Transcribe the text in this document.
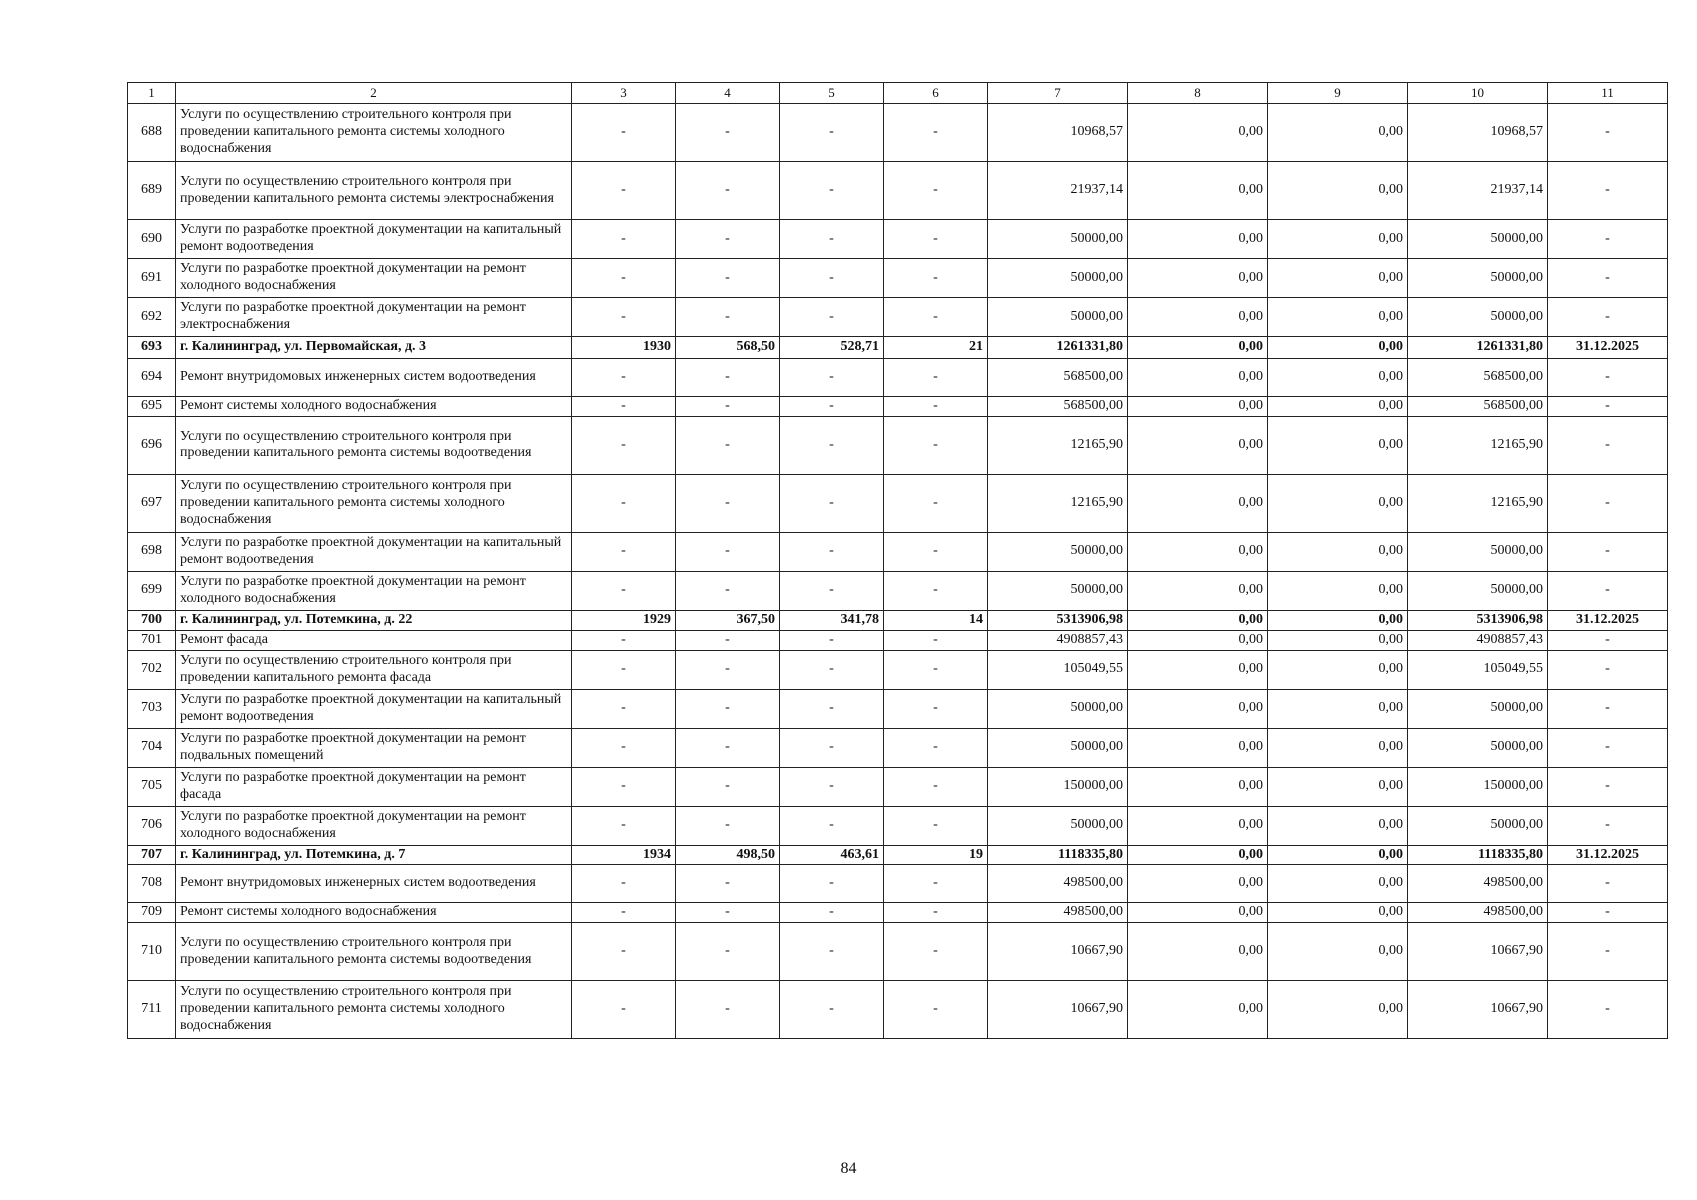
1	2	3	4	5	6	7	8	9	10	11
688	Услуги по осуществлению строительного контроля при проведении капитального ремонта системы холодного водоснабжения	-	-	-	-	10968,57	0,00	0,00	10968,57	-
689	Услуги по осуществлению строительного контроля при проведении капитального ремонта системы электроснабжения	-	-	-	-	21937,14	0,00	0,00	21937,14	-
690	Услуги по разработке проектной документации на капитальный ремонт водоотведения	-	-	-	-	50000,00	0,00	0,00	50000,00	-
691	Услуги по разработке проектной документации на ремонт холодного водоснабжения	-	-	-	-	50000,00	0,00	0,00	50000,00	-
692	Услуги по разработке проектной документации на ремонт электроснабжения	-	-	-	-	50000,00	0,00	0,00	50000,00	-
693	г. Калининград, ул. Первомайская, д. 3	1930	568,50	528,71	21	1261331,80	0,00	0,00	1261331,80	31.12.2025
694	Ремонт внутридомовых инженерных систем водоотведения	-	-	-	-	568500,00	0,00	0,00	568500,00	-
695	Ремонт системы холодного водоснабжения	-	-	-	-	568500,00	0,00	0,00	568500,00	-
696	Услуги по осуществлению строительного контроля при проведении капитального ремонта системы водоотведения	-	-	-	-	12165,90	0,00	0,00	12165,90	-
697	Услуги по осуществлению строительного контроля при проведении капитального ремонта системы холодного водоснабжения	-	-	-	-	12165,90	0,00	0,00	12165,90	-
698	Услуги по разработке проектной документации на капитальный ремонт водоотведения	-	-	-	-	50000,00	0,00	0,00	50000,00	-
699	Услуги по разработке проектной документации на ремонт холодного водоснабжения	-	-	-	-	50000,00	0,00	0,00	50000,00	-
700	г. Калининград, ул. Потемкина, д. 22	1929	367,50	341,78	14	5313906,98	0,00	0,00	5313906,98	31.12.2025
701	Ремонт фасада	-	-	-	-	4908857,43	0,00	0,00	4908857,43	-
702	Услуги по осуществлению строительного контроля при проведении капитального ремонта фасада	-	-	-	-	105049,55	0,00	0,00	105049,55	-
703	Услуги по разработке проектной документации на капитальный ремонт водоотведения	-	-	-	-	50000,00	0,00	0,00	50000,00	-
704	Услуги по разработке проектной документации на ремонт подвальных помещений	-	-	-	-	50000,00	0,00	0,00	50000,00	-
705	Услуги по разработке проектной документации на ремонт фасада	-	-	-	-	150000,00	0,00	0,00	150000,00	-
706	Услуги по разработке проектной документации на ремонт холодного водоснабжения	-	-	-	-	50000,00	0,00	0,00	50000,00	-
707	г. Калининград, ул. Потемкина, д. 7	1934	498,50	463,61	19	1118335,80	0,00	0,00	1118335,80	31.12.2025
708	Ремонт внутридомовых инженерных систем водоотведения	-	-	-	-	498500,00	0,00	0,00	498500,00	-
709	Ремонт системы холодного водоснабжения	-	-	-	-	498500,00	0,00	0,00	498500,00	-
710	Услуги по осуществлению строительного контроля при проведении капитального ремонта системы водоотведения	-	-	-	-	10667,90	0,00	0,00	10667,90	-
711	Услуги по осуществлению строительного контроля при проведении капитального ремонта системы холодного водоснабжения	-	-	-	-	10667,90	0,00	0,00	10667,90	-
84
